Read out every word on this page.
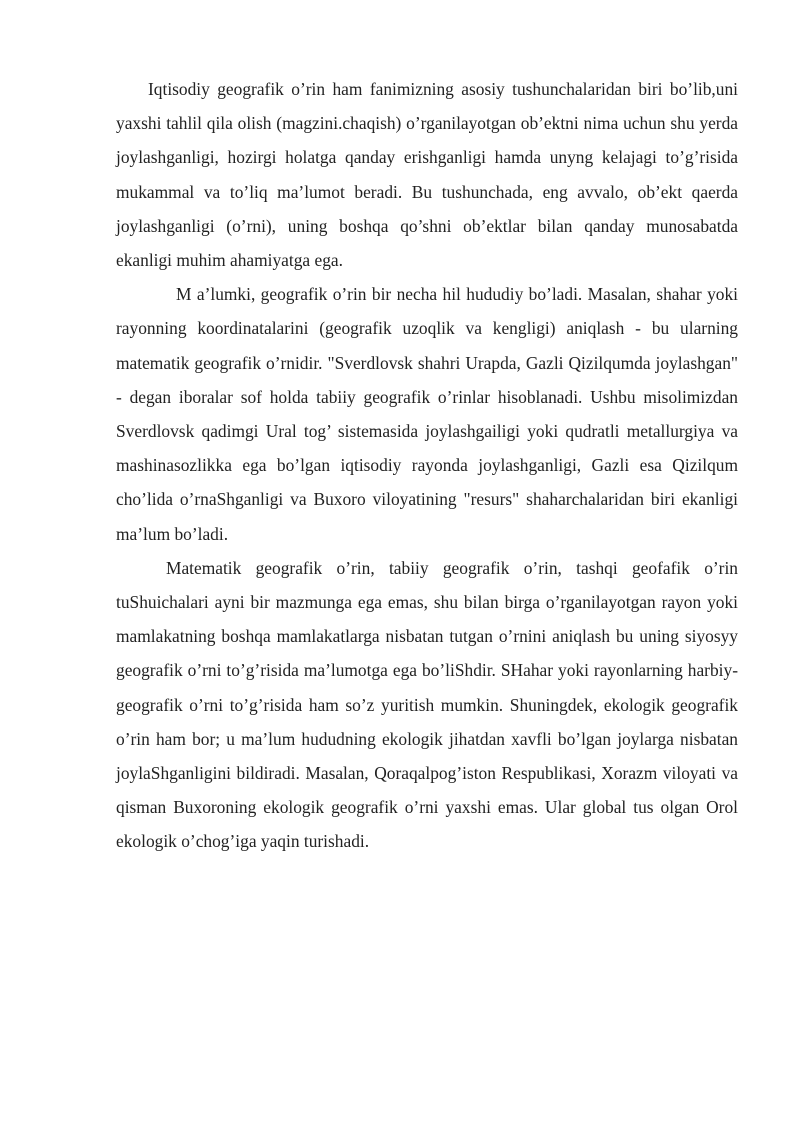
Iqtisodiy geografik o’rin ham fanimizning asosiy tushunchalaridan biri bo’lib,uni yaxshi tahlil qila olish (magzini.chaqish) o’rganilayotgan ob’ektni nima uchun shu yerda joylashganligi, hozirgi holatga qanday erishganligi hamda unyng kelajagi to’g’risida mukammal va to’liq ma’lumot beradi. Bu tushunchada, eng avvalo, ob’ekt qaerda joylashganligi (o’rni), uning boshqa qo’shni ob’ektlar bilan qanday munosabatda ekanligi muhim ahamiyatga ega.

M a’lumki, geografik o’rin bir necha hil hududiy bo’ladi. Masalan, shahar yoki rayonning koordinatalarini (geografik uzoqlik va kengligi) aniqlash - bu ularning matematik geografik o’rnidir. "Sverdlovsk shahri Urapda, Gazli Qizilqumda joylashgan" - degan iboralar sof holda tabiiy geografik o’rinlar hisoblanadi. Ushbu misolimizdan Sverdlovsk qadimgi Ural tog’ sistemasida joylashgailigi yoki qudratli metallurgiya va mashinasozlikka ega bo’lgan iqtisodiy rayonda joylashganligi, Gazli esa Qizilqum cho’lida o’rnaShganligi va Buxoro viloyatining "resurs" shaharchalaridan biri ekanligi ma’lum bo’ladi.

Matematik geografik o’rin, tabiiy geografik o’rin, tashqi geofafik o’rin tuShuichalari ayni bir mazmunga ega emas, shu bilan birga o’rganilayotgan rayon yoki mamlakatning boshqa mamlakatlarga nisbatan tutgan o’rnini aniqlash bu uning siyosyy geografik o’rni to’g’risida ma’lumotga ega bo’liShdir. SHahar yoki rayonlarning harbiy-geografik o’rni to’g’risida ham so’z yuritish mumkin. Shuningdek, ekologik geografik o’rin ham bor; u ma’lum hududning ekologik jihatdan xavfli bo’lgan joylarga nisbatan joylaShganligini bildiradi. Masalan, Qoraqalpog’iston Respublikasi, Xorazm viloyati va qisman Buxoroning ekologik geografik o’rni yaxshi emas. Ular global tus olgan Orol ekologik o’chog’iga yaqin turishadi.
